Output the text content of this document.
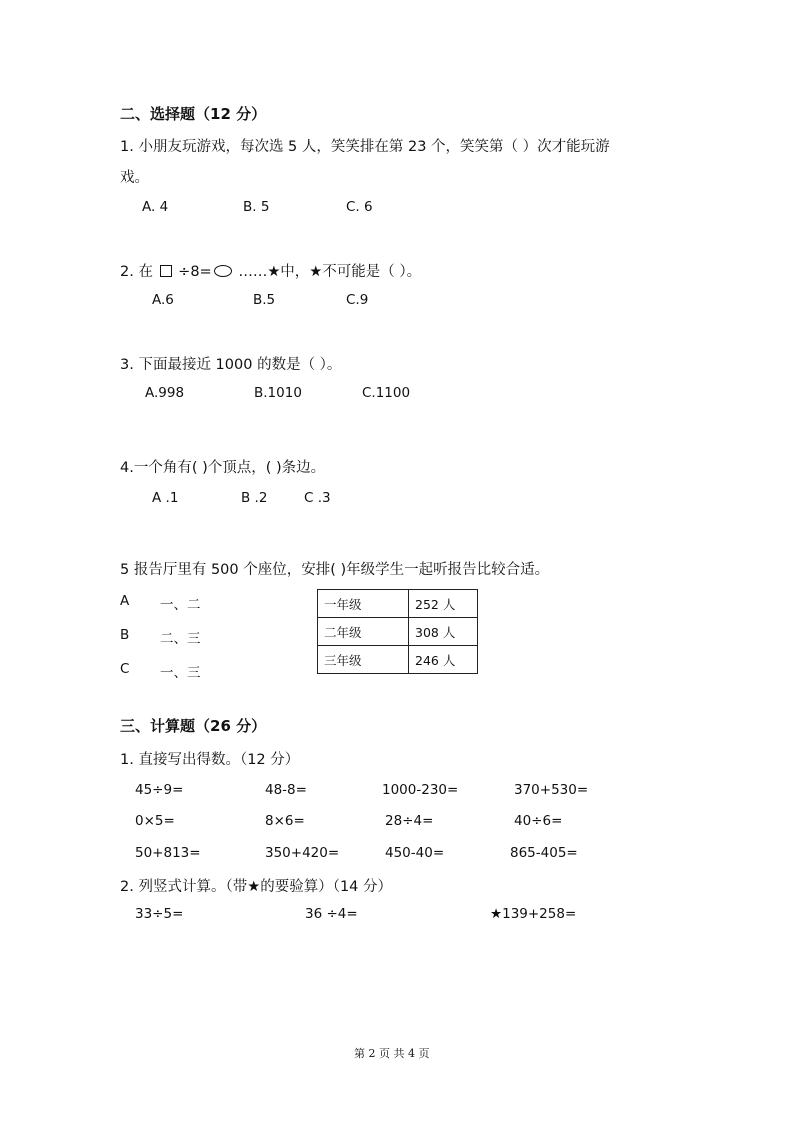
二、选择题（12 分）
1. 小朋友玩游戏，每次选 5 人，笑笑排在第 23 个，笑笑第（ ）次才能玩游
戏。
A. 4	B. 5	C. 6
2. 在 ÷8= ……★中，★不可能是（ ）。
A.6	B.5	C.9
3. 下面最接近 1000 的数是（ ）。
A.998	B.1010	C.1100
4.一个角有( )个顶点，( )条边。
A .1	B .2	C .3
5 报告厅里有 500 个座位，安排( )年级学生一起听报告比较合适。
A 一、二
B 二、三
C 一、三
一年级	252 人
二年级	308 人
三年级	246 人
三、计算题（26 分）
1. 直接写出得数。（12 分）
45÷9=	48-8=	1000-230=	370+530=
0×5=	8×6=	28÷4=	40÷6=
50+813=	350+420=	450-40=	865-405=
2. 列竖式计算。（带★的要验算）（14 分）
33÷5=	36 ÷4=	★139+258=
第 2 页 共 4 页
